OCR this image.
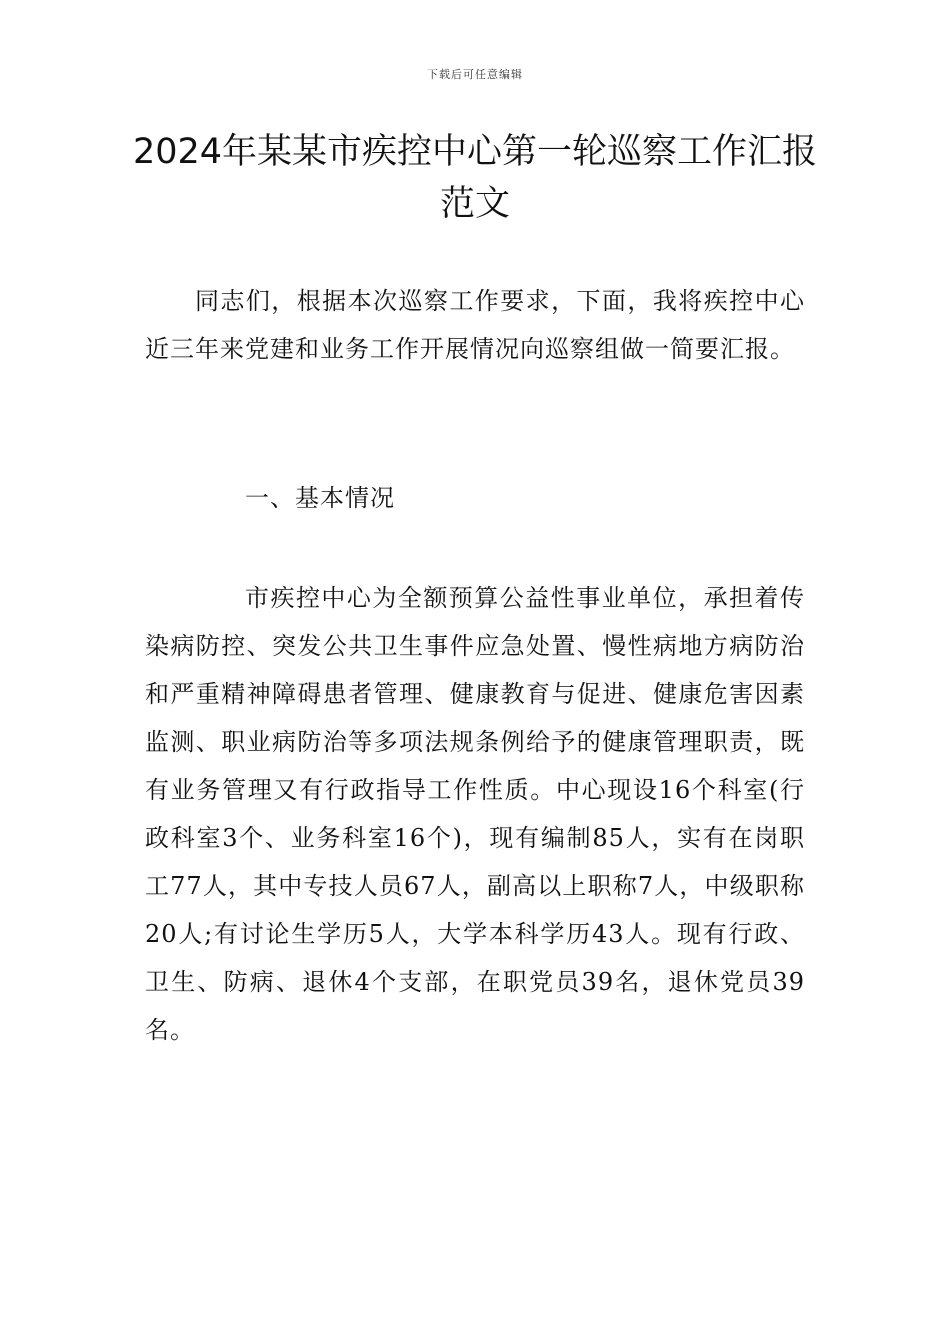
下载后可任意编辑
2024年某某市疾控中心第一轮巡察工作汇报范文

同志们，根据本次巡察工作要求，下面，我将疾控中心近三年来党建和业务工作开展情况向巡察组做一简要汇报。

一、基本情况

市疾控中心为全额预算公益性事业单位，承担着传染病防控、突发公共卫生事件应急处置、慢性病地方病防治和严重精神障碍患者管理、健康教育与促进、健康危害因素监测、职业病防治等多项法规条例给予的健康管理职责，既有业务管理又有行政指导工作性质。中心现设16个科室(行政科室3个、业务科室16个)，现有编制85人，实有在岗职工77人，其中专技人员67人，副高以上职称7人，中级职称20人;有讨论生学历5人，大学本科学历43人。现有行政、卫生、防病、退休4个支部，在职党员39名，退休党员39名。
